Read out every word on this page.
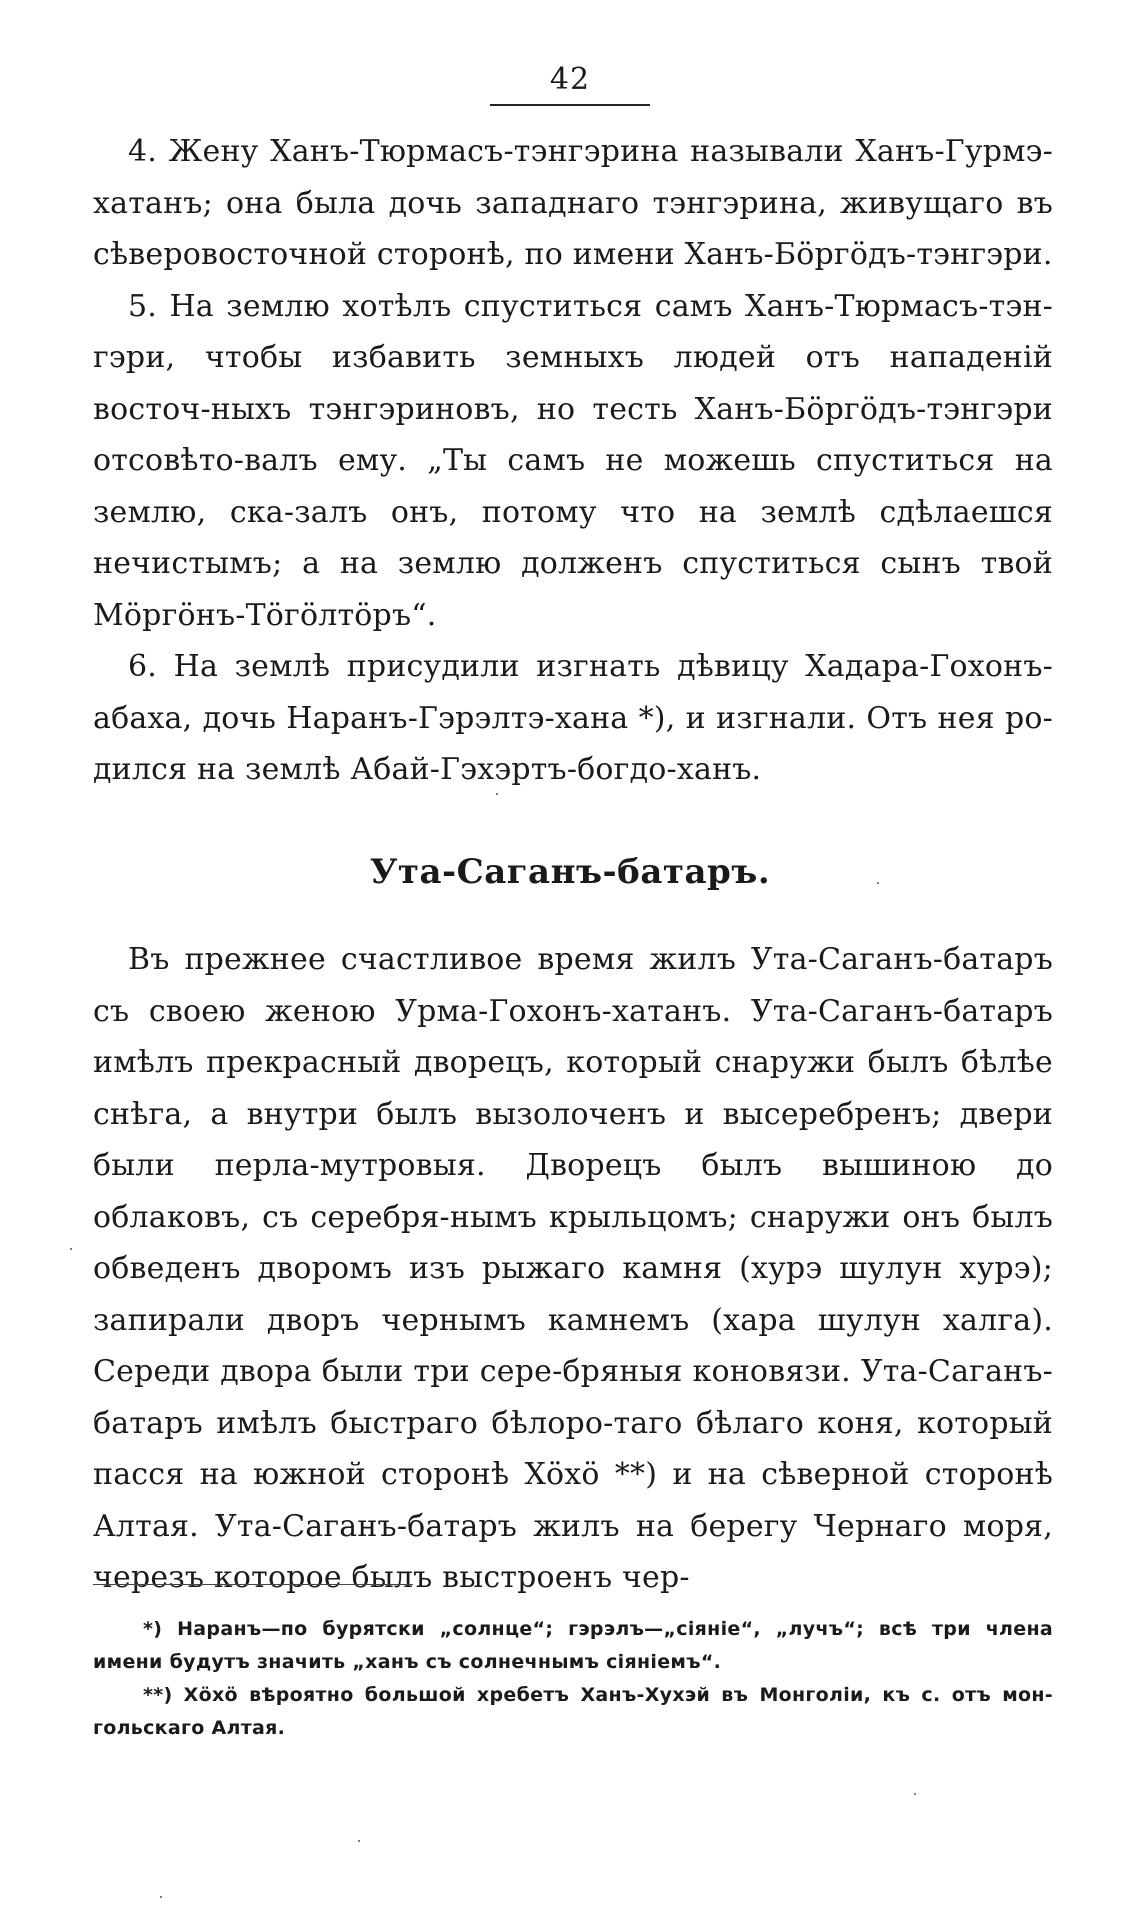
42

4. Жену Ханъ-Тюрмасъ-тэнгэрина называли Ханъ-Гурмэ-хатанъ; она была дочь западнаго тэнгэрина, живущаго въ сѣверовосточной сторонѣ, по имени Ханъ-Бӧргӧдъ-тэнгэри.

5. На землю хотѣлъ спуститься самъ Ханъ-Тюрмасъ-тэн-гэри, чтобы избавить земныхъ людей отъ нападеній восточ-ныхъ тэнгэриновъ, но тесть Ханъ-Бӧргӧдъ-тэнгэри отсовѣто-валъ ему. „Ты самъ не можешь спуститься на землю, ска-залъ онъ, потому что на землѣ сдѣлаешся нечистымъ; а на землю долженъ спуститься сынъ твой Мӧргӧнъ-Тӧгӧлтӧръ“.

6. На землѣ присудили изгнать дѣвицу Хадара-Гохонъ-абаха, дочь Наранъ-Гэрэлтэ-хана *), и изгнали. Отъ нея ро-дился на землѣ Абай-Гэхэртъ-богдо-ханъ.

Ута-Саганъ-батаръ.

Въ прежнее счастливое время жилъ Ута-Саганъ-батаръ съ своею женою Урма-Гохонъ-хатанъ. Ута-Саганъ-батаръ имѣлъ прекрасный дворецъ, который снаружи былъ бѣлѣе снѣга, а внутри былъ вызолоченъ и высеребренъ; двери были перла-мутровыя. Дворецъ былъ вышиною до облаковъ, съ серебря-нымъ крыльцомъ; снаружи онъ былъ обведенъ дворомъ изъ рыжаго камня (хурэ шулун хурэ); запирали дворъ чернымъ камнемъ (хара шулун халга). Середи двора были три сере-бряныя коновязи. Ута-Саганъ-батаръ имѣлъ быстраго бѣлоро-таго бѣлаго коня, который пасся на южной сторонѣ Хӧхӧ **) и на сѣверной сторонѣ Алтая. Ута-Саганъ-батаръ жилъ на берегу Чернаго моря, черезъ которое былъ выстроенъ чер-

*) Наранъ—по бурятски „солнце“; гэрэлъ—„сіяніе“, „лучъ“; всѣ три члена имени будутъ значить „ханъ съ солнечнымъ сіяніемъ“.

**) Хӧхӧ вѣроятно большой хребетъ Ханъ-Хухэй въ Монголіи, къ с. отъ мон-гольскаго Алтая.
